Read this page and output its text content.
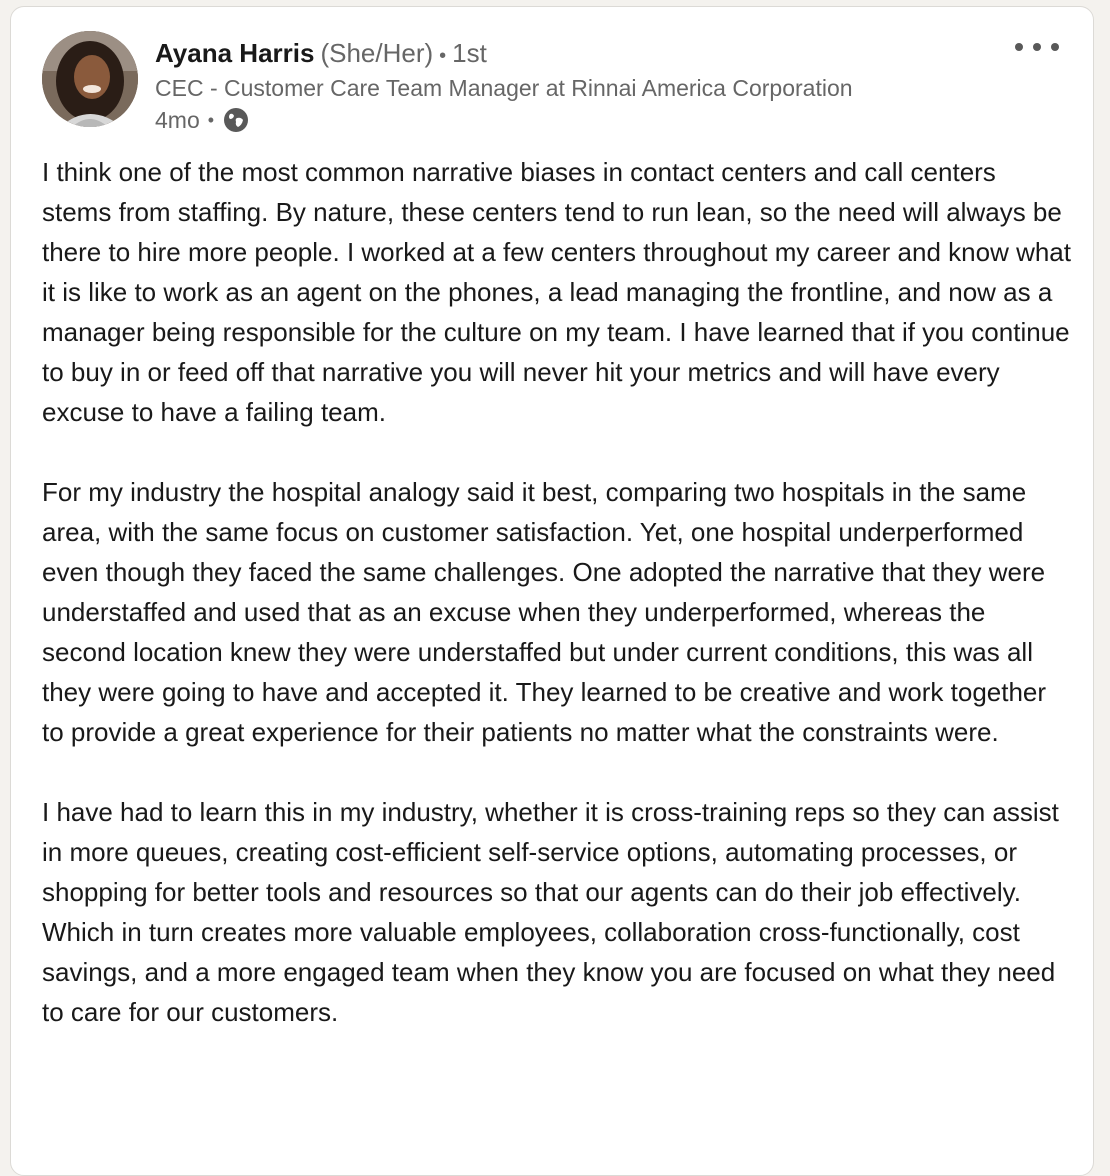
Ayana Harris (She/Her) • 1st
CEC - Customer Care Team Manager at Rinnai America Corporation
4mo •

I think one of the most common narrative biases in contact centers and call centers stems from staffing. By nature, these centers tend to run lean, so the need will always be there to hire more people. I worked at a few centers throughout my career and know what it is like to work as an agent on the phones, a lead managing the frontline, and now as a manager being responsible for the culture on my team. I have learned that if you continue to buy in or feed off that narrative you will never hit your metrics and will have every excuse to have a failing team.

For my industry the hospital analogy said it best, comparing two hospitals in the same area, with the same focus on customer satisfaction. Yet, one hospital underperformed even though they faced the same challenges. One adopted the narrative that they were understaffed and used that as an excuse when they underperformed, whereas the second location knew they were understaffed but under current conditions, this was all they were going to have and accepted it. They learned to be creative and work together to provide a great experience for their patients no matter what the constraints were.

I have had to learn this in my industry, whether it is cross-training reps so they can assist in more queues, creating cost-efficient self-service options, automating processes, or shopping for better tools and resources so that our agents can do their job effectively. Which in turn creates more valuable employees, collaboration cross-functionally, cost savings, and a more engaged team when they know you are focused on what they need to care for our customers.
